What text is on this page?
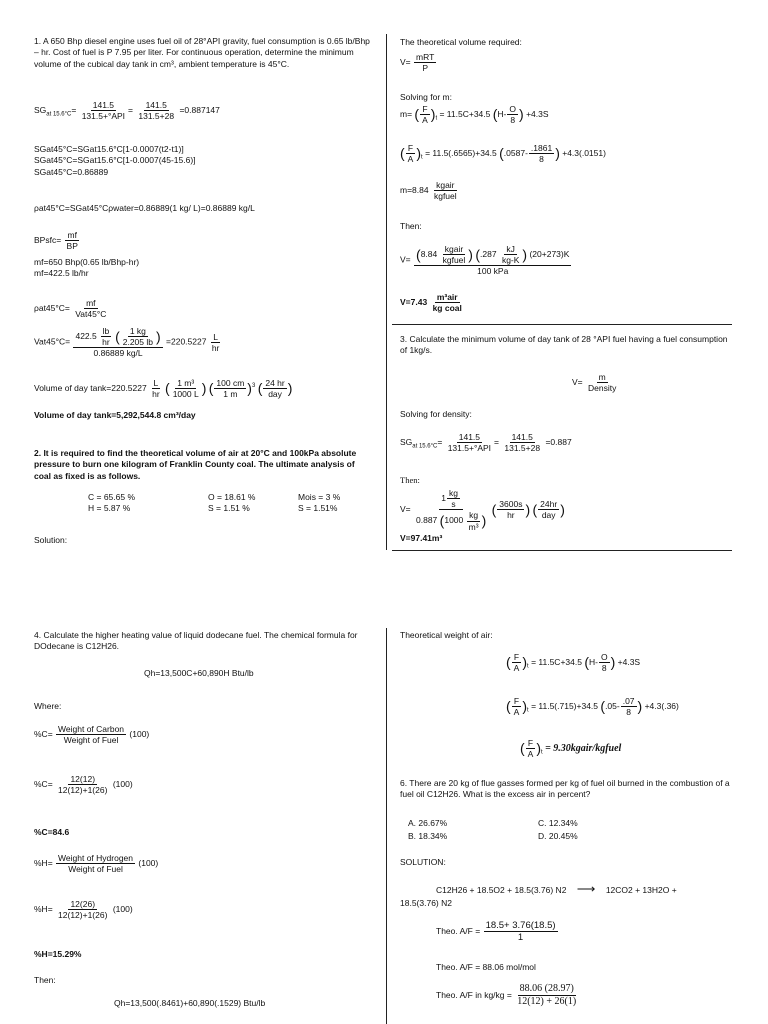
1. A 650 Bhp diesel engine uses fuel oil of 28°API gravity, fuel consumption is 0.65 lb/Bhp – hr. Cost of fuel is P 7.95 per liter. For continuous operation, determine the minimum volume of the cubical day tank in cm³, ambient temperature is 45°C.
$SG_{at 15.6^\circ C}= \frac{141.5}{\text{131.5+°API}} = \frac{141.5}{131.5+28} =0.887147$
SGat45°C=SGat15.6°C[1-0.0007(t2-t1)]
SGat45°C=SGat15.6°C[1-0.0007(45-15.6)]
SGat45°C=0.86889
ρat45°C=SGat45°Cρwater=0.86889(1 kg/ L)=0.86889 kg/L
BPsfc= $\frac{mf}{BP}$
mf=650 Bhp(0.65 lb/Bhp-hr)
mf=422.5 lb/hr
$\rho at45^\circ C= \frac{mf}{\text{Vat45°C}}$
$Vat45^\circ C= \frac{422.5 \frac{lb}{hr} ( \frac{1 kg}{2.205 lb} )}{0.86889 kg/L} =220.5227 \frac{L}{hr}$
Volume of day $\tan k=220.5227 \frac{L}{hr}$ ( $\frac{\text{1 m³}}{1000 L}$ ) ( $\frac{100 cm}{1 m} )^3$ ( $\frac{24 hr}{\text{day}}$ )
Volume of day tank=5,292,544.8 cm³/day
2. It is required to find the theoretical volume of air at 20°C and 100kPa absolute pressure to burn one kilogram of Franklin County coal. The ultimate analysis of coal as fixed is as follows.
C = 65.65 %	O = 18.61 %	Mois = 3 %
H = 5.87 %	S = 1.51 %	S = 1.51%
Solution:
The theoretical volume required:
$V= \frac{\text{mRT}}{P}$
Solving for m:
m= ( $\frac{F}{A} )_t = 11.5C+34.5$ ($H- \frac{O}{8}$ ) +4.3S
( $\frac{F}{A} )_t = 11.5(.6565)+34.5$ ($.0587- \frac{.1861}{8}$ ) +4.3(.0151)
$m=8.84 \frac{\text{kgair}}{\text{kgfuel}}$
Then:
$V= (8.84 \frac{\text{kgair}}{\text{kgfuel}}$ ) ($.287 \frac{kJ}{kg-K}$ ) (20+273)K
100 kPa
$V=7.43 \frac{\text{m³air}}{\text{kg coal}}$
3. Calculate the minimum volume of day tank of 28 °API fuel having a fuel consumption of 1kg/s.
$V= \frac{m}{\text{Density}}$
Solving for density:
$SG_{at 15.6^\circ C}= \frac{141.5}{\text{131.5+°API}} = \frac{141.5}{131.5+28} =0.887$
Then:
$V= \frac{1 \frac{kg}{s}}{0.887 (1000 \frac{kg}{\text{m³}} )}$ ( $\frac{3600s}{hr}$ ) ( $\frac{24hr}{\text{day}}$ )
V=97.41m³
4. Calculate the higher heating value of liquid dodecane fuel. The chemical formula for DOdecane is C12H26.
Qh=13,500C+60,890H Btu/lb
Where:
$\%C= \frac{\text{Weight of Carbon}}{\text{Weight of Fuel}} (100)$
$\%C= \frac{12(12)}{12(12)+1(26)} (100)$
%C=84.6
$\%H= \frac{\text{Weight of Hydrogen}}{\text{Weight of Fuel}} (100)$
$\%H= \frac{12(26)}{12(12)+1(26)} (100)$
%H=15.29%
Then:
Qh=13,500(.8461)+60,890(.1529) Btu/lb
Theoretical weight of air:
( $\frac{F}{A} )_t = 11.5C+34.5$ ($H- \frac{O}{8}$ ) +4.3S
( $\frac{F}{A} )_t = 11.5(.715)+34.5$ ($.05- \frac{.07}{8}$ ) +4.3(.36)
( $\frac{F}{A} )_t$ = 9.30kgair/kgfuel
6. There are 20 kg of flue gasses formed per kg of fuel oil burned in the combustion of a fuel oil C12H26. What is the excess air in percent?
A. 26.67%	C. 12.34%
B. 18.34%	D. 20.45%
SOLUTION:
C12H26 + 18.5O2 + 18.5(3.76) N2 ⟶ 12CO2 + 13H2O +
18.5(3.76) N2
Theo. $A/F = \frac{18.5+ 3.76(18.5)}{1}$
Theo. A/F = 88.06 mol/mol
Theo. A/F in $kg/kg = \frac{88.06 (28.97)}{12(12) + 26(1)}$
